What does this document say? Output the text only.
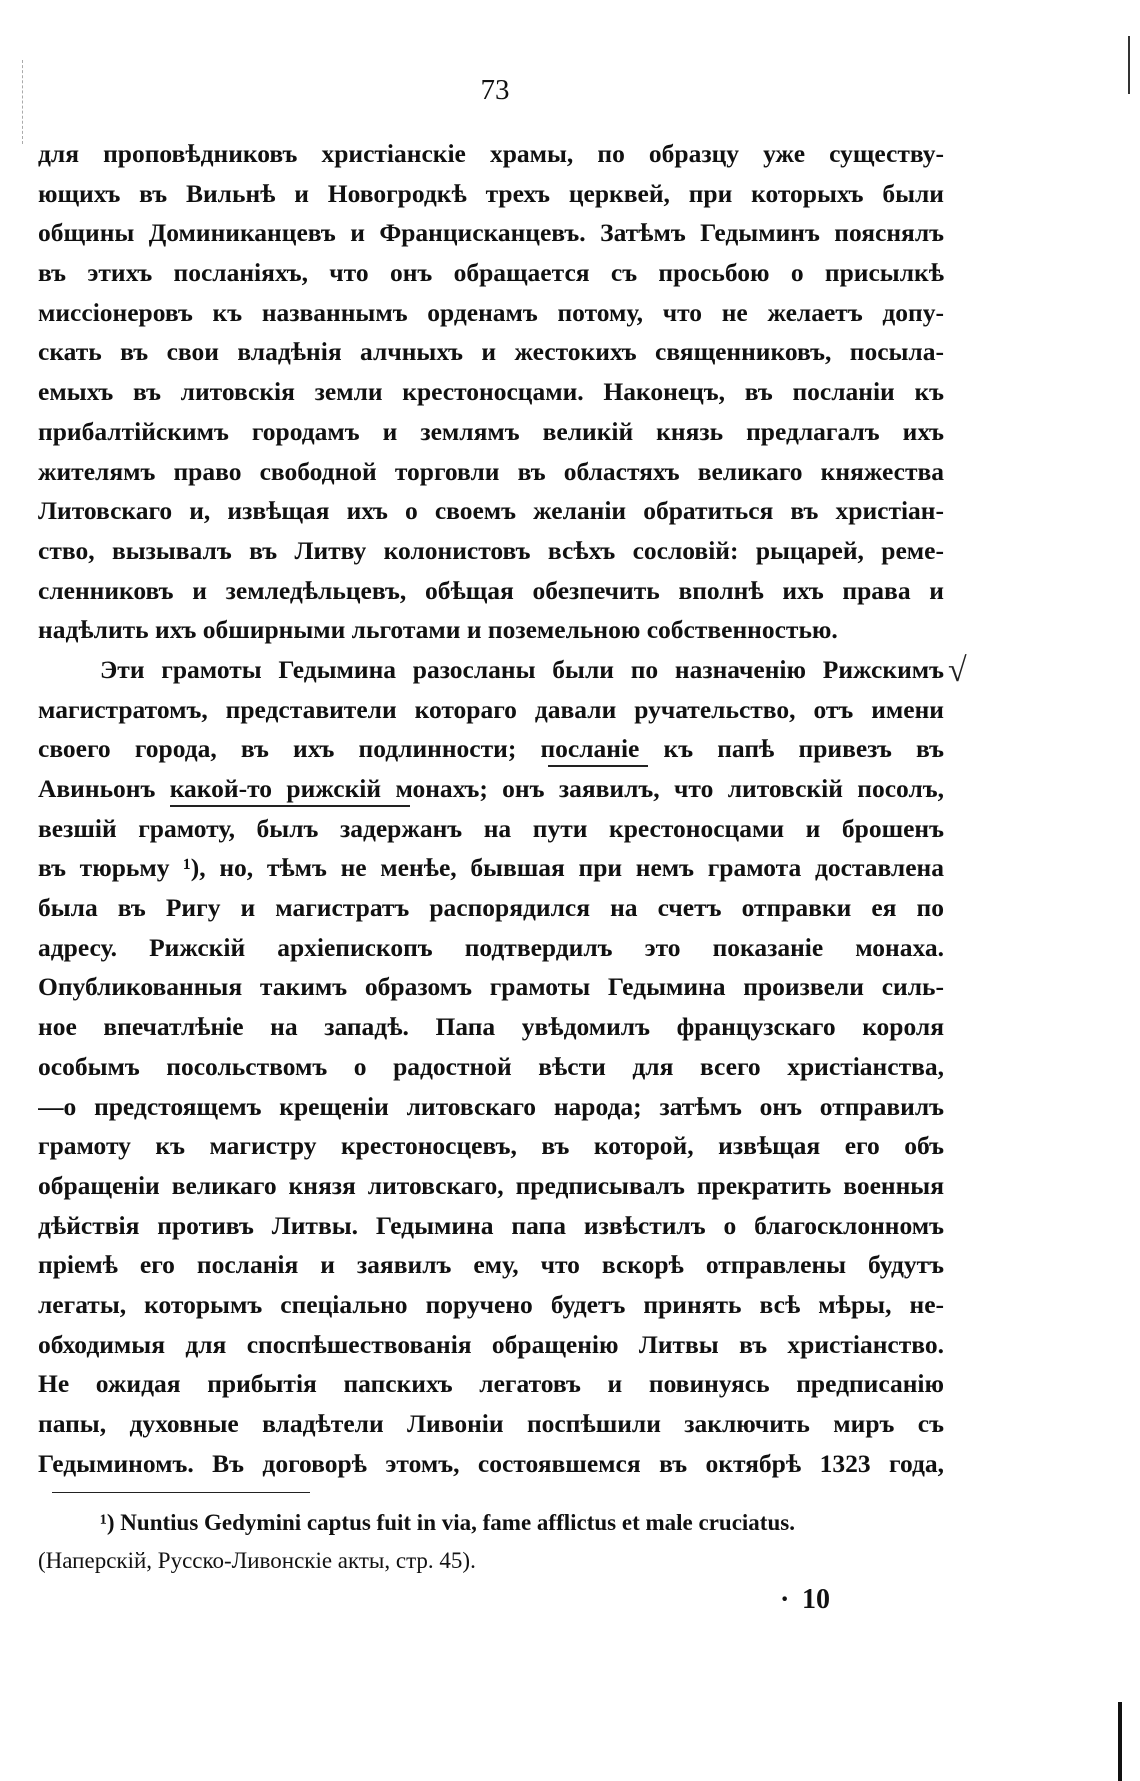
73
для проповѣдниковъ христіанскіе храмы, по образцу уже существу-
ющихъ въ Вильнѣ и Новогродкѣ трехъ церквей, при которыхъ были
общины Доминиканцевъ и Францисканцевъ. Затѣмъ Гедыминъ пояснялъ
въ этихъ посланіяхъ, что онъ обращается съ просьбою о присылкѣ
миссіонеровъ къ названнымъ орденамъ потому, что не желаетъ допу-
скать въ свои владѣнія алчныхъ и жестокихъ священниковъ, посыла-
емыхъ въ литовскія земли крестоносцами. Наконецъ, въ посланіи къ
прибалтійскимъ городамъ и землямъ великій князь предлагалъ ихъ
жителямъ право свободной торговли въ областяхъ великаго княжества
Литовскаго и, извѣщая ихъ о своемъ желаніи обратиться въ христіан-
ство, вызывалъ въ Литву колонистовъ всѣхъ сословій: рыцарей, реме-
сленниковъ и земледѣльцевъ, обѣщая обезпечить вполнѣ ихъ права и
надѣлить ихъ обширными льготами и поземельною собственностью.
Эти грамоты Гедымина разосланы были по назначенію Рижскимъ
магистратомъ, представители котораго давали ручательство, отъ имени
своего города, въ ихъ подлинности; посланіе къ папѣ привезъ въ
Авиньонъ какой-то рижскій монахъ; онъ заявилъ, что литовскій посолъ,
везшій грамоту, былъ задержанъ на пути крестоносцами и брошенъ
въ тюрьму ¹), но, тѣмъ не менѣе, бывшая при немъ грамота доставлена
была въ Ригу и магистратъ распорядился на счетъ отправки ея по
адресу. Рижскій архіепископъ подтвердилъ это показаніе монаха.
Опубликованныя такимъ образомъ грамоты Гедымина произвели силь-
ное впечатлѣніе на западѣ. Папа увѣдомилъ французскаго короля
особымъ посольствомъ о радостной вѣсти для всего христіанства,
—о предстоящемъ крещеніи литовскаго народа; затѣмъ онъ отправилъ
грамоту къ магистру крестоносцевъ, въ которой, извѣщая его объ
обращеніи великаго князя литовскаго, предписывалъ прекратить военныя
дѣйствія противъ Литвы. Гедымина папа извѣстилъ о благосклонномъ
пріемѣ его посланія и заявилъ ему, что вскорѣ отправлены будутъ
легаты, которымъ спеціально поручено будетъ принять всѣ мѣры, не-
обходимыя для споспѣшествованія обращенію Литвы въ христіанство.
Не ожидая прибытія папскихъ легатовъ и повинуясь предписанію
папы, духовные владѣтели Ливоніи поспѣшили заключить миръ съ
Гедыминомъ. Въ договорѣ этомъ, состоявшемся въ октябрѣ 1323 года,
√
¹) Nuntius Gedymini captus fuit in via, fame afflictus et male cruciatus.
(Наперскій, Русско-Ливонскіе акты, стр. 45).
· 10
